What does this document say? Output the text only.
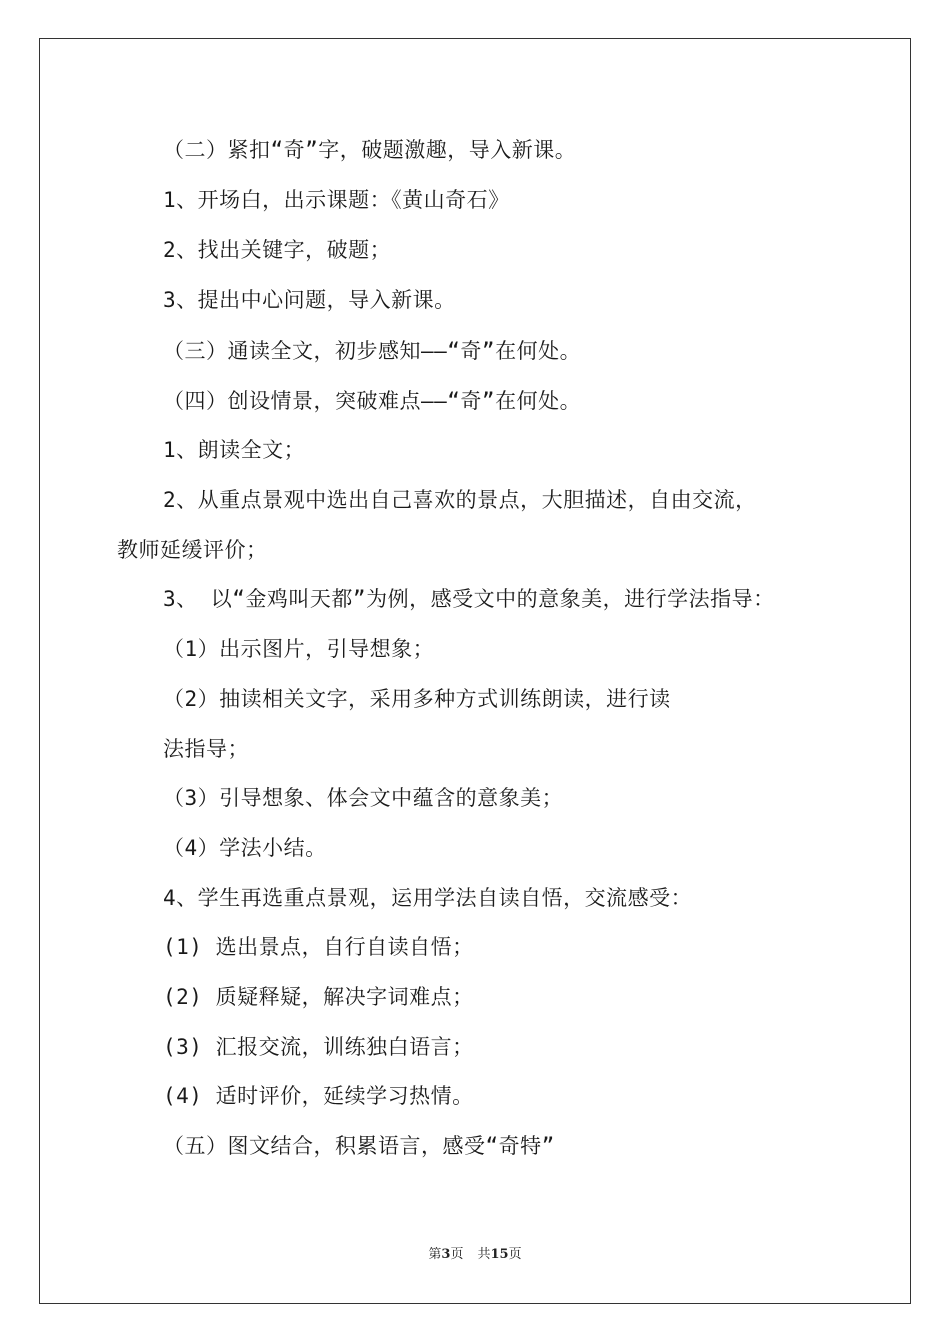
（二）紧扣“奇”字，破题激趣，导入新课。
1、开场白，出示课题：《黄山奇石》
2、找出关键字，破题；
3、提出中心问题，导入新课。
（三）通读全文，初步感知——“奇”在何处。
（四）创设情景，突破难点——“奇”在何处。
1、朗读全文；
2、从重点景观中选出自己喜欢的景点，大胆描述，自由交流，
教师延缓评价；
3、 以“金鸡叫天都”为例，感受文中的意象美，进行学法指导：
（1）出示图片，引导想象；
（2）抽读相关文字，采用多种方式训练朗读，进行读
法指导；
（3）引导想象、体会文中蕴含的意象美；
（4）学法小结。
4、学生再选重点景观，运用学法自读自悟，交流感受：
(1) 选出景点，自行自读自悟；
(2) 质疑释疑，解决字词难点；
(3) 汇报交流，训练独白语言；
(4) 适时评价，延续学习热情。
（五）图文结合，积累语言，感受“奇特”
第3页 共15页
